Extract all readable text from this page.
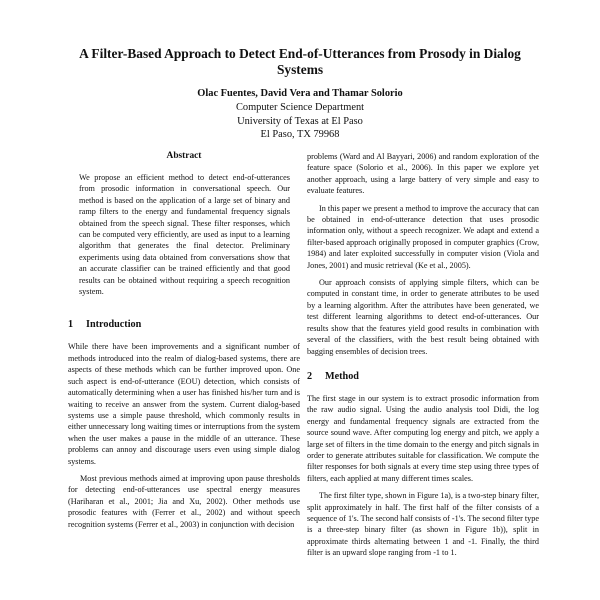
A Filter-Based Approach to Detect End-of-Utterances from Prosody in Dialog Systems
Olac Fuentes, David Vera and Thamar Solorio
Computer Science Department
University of Texas at El Paso
El Paso, TX 79968
Abstract

We propose an efficient method to detect end-of-utterances from prosodic information in conversational speech. Our method is based on the application of a large set of binary and ramp filters to the energy and fundamental frequency signals obtained from the speech signal. These filter responses, which can be computed very efficiently, are used as input to a learning algorithm that generates the final detector. Preliminary experiments using data obtained from conversations show that an accurate classifier can be trained efficiently and that good results can be obtained without requiring a speech recognition system.

1 Introduction

While there have been improvements and a significant number of methods introduced into the realm of dialog-based systems, there are aspects of these methods which can be further improved upon. One such aspect is end-of-utterance (EOU) detection, which consists of automatically determining when a user has finished his/her turn and is waiting to receive an answer from the system. Current dialog-based systems use a simple pause threshold, which commonly results in either unnecessary long waiting times or interruptions from the system when the user makes a pause in the middle of an utterance. These problems can annoy and discourage users even using simple dialog systems.

Most previous methods aimed at improving upon pause thresholds for detecting end-of-utterances use spectral energy measures (Hariharan et al., 2001; Jia and Xu, 2002). Other methods use prosodic features with (Ferrer et al., 2002) and without speech recognition systems (Ferrer et al., 2003) in conjunction with decision

problems (Ward and Al Bayyari, 2006) and random exploration of the feature space (Solorio et al., 2006). In this paper we explore yet another approach, using a large battery of very simple and easy to evaluate features.

In this paper we present a method to improve the accuracy that can be obtained in end-of-utterance detection that uses prosodic information only, without a speech recognizer. We adapt and extend a filter-based approach originally proposed in computer graphics (Crow, 1984) and later exploited successfully in computer vision (Viola and Jones, 2001) and music retrieval (Ke et al., 2005).

Our approach consists of applying simple filters, which can be computed in constant time, in order to generate attributes to be used by a learning algorithm. After the attributes have been generated, we test different learning algorithms to detect end-of-utterances. Our results show that the features yield good results in combination with several of the classifiers, with the best result being obtained with bagging ensembles of decision trees.

2 Method

The first stage in our system is to extract prosodic information from the raw audio signal. Using the audio analysis tool Didi, the log energy and fundamental frequency signals are extracted from the source sound wave. After computing log energy and pitch, we apply a large set of filters in the time domain to the energy and pitch signals in order to generate attributes suitable for classification. We compute the filter responses for both signals at every time step using three types of filters, each applied at many different times scales.

The first filter type, shown in Figure 1a), is a two-step binary filter, split approximately in half. The first half of the filter consists of a sequence of 1's. The second half consists of -1's. The second filter type is a three-step binary filter (as shown in Figure 1b)), split in approximate thirds alternating between 1 and -1. Finally, the third filter is an upward slope ranging from -1 to 1.
